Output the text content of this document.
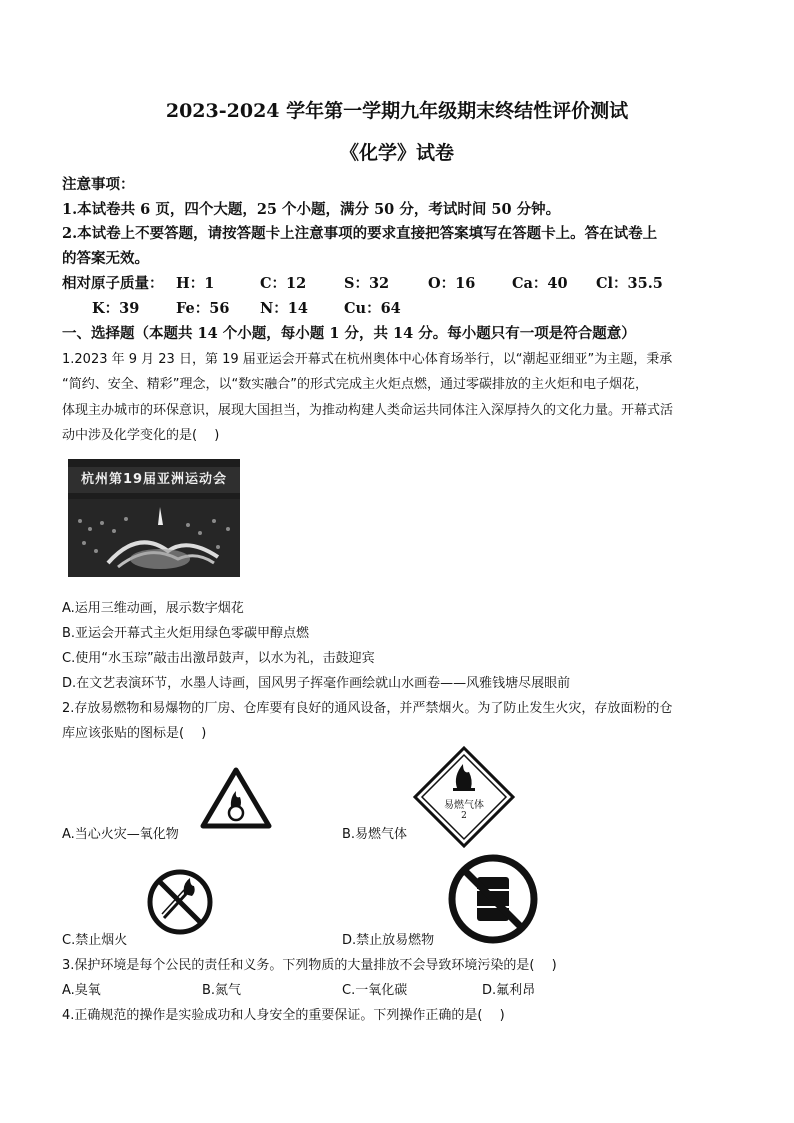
2023-2024 学年第一学期九年级期末终结性评价测试
《化学》试卷
注意事项：
1.本试卷共 6 页，四个大题，25 个小题，满分 50 分，考试时间 50 分钟。
2.本试卷上不要答题，请按答题卡上注意事项的要求直接把答案填写在答题卡上。答在试卷上
的答案无效。
相对原子质量： H：1	C：12	S：32	O：16	Ca：40 Cl：35.5
K：39	Fe：56 N：14 Cu：64
一、选择题（本题共 14 个小题，每小题 1 分，共 14 分。每小题只有一项是符合题意）
1.2023 年 9 月 23 日，第 19 届亚运会开幕式在杭州奥体中心体育场举行，以“潮起亚细亚”为主题，秉承
“简约、安全、精彩”理念，以“数实融合”的形式完成主火炬点燃，通过零碳排放的主火炬和电子烟花，
体现主办城市的环保意识，展现大国担当，为推动构建人类命运共同体注入深厚持久的文化力量。开幕式活
动中涉及化学变化的是(　 )
杭州第19届亚洲运动会
A.运用三维动画，展示数字烟花
B.亚运会开幕式主火炬用绿色零碳甲醇点燃
C.使用“水玉琮”敲击出激昂鼓声，以水为礼，击鼓迎宾
D.在文艺表演环节，水墨人诗画，国风男子挥毫作画绘就山水画卷——风雅钱塘尽展眼前
2.存放易燃物和易爆物的厂房、仓库要有良好的通风设备，并严禁烟火。为了防止发生火灾，存放面粉的仓
库应该张贴的图标是(　 )
A.当心火灾—氧化物
易燃气体
2
B.易燃气体
C.禁止烟火	D.禁止放易燃物
3.保护环境是每个公民的责任和义务。下列物质的大量排放不会导致环境污染的是(　 )
A.臭氧	B.氮气	C.一氧化碳	D.氟利昂
4.正确规范的操作是实验成功和人身安全的重要保证。下列操作正确的是(　 )
